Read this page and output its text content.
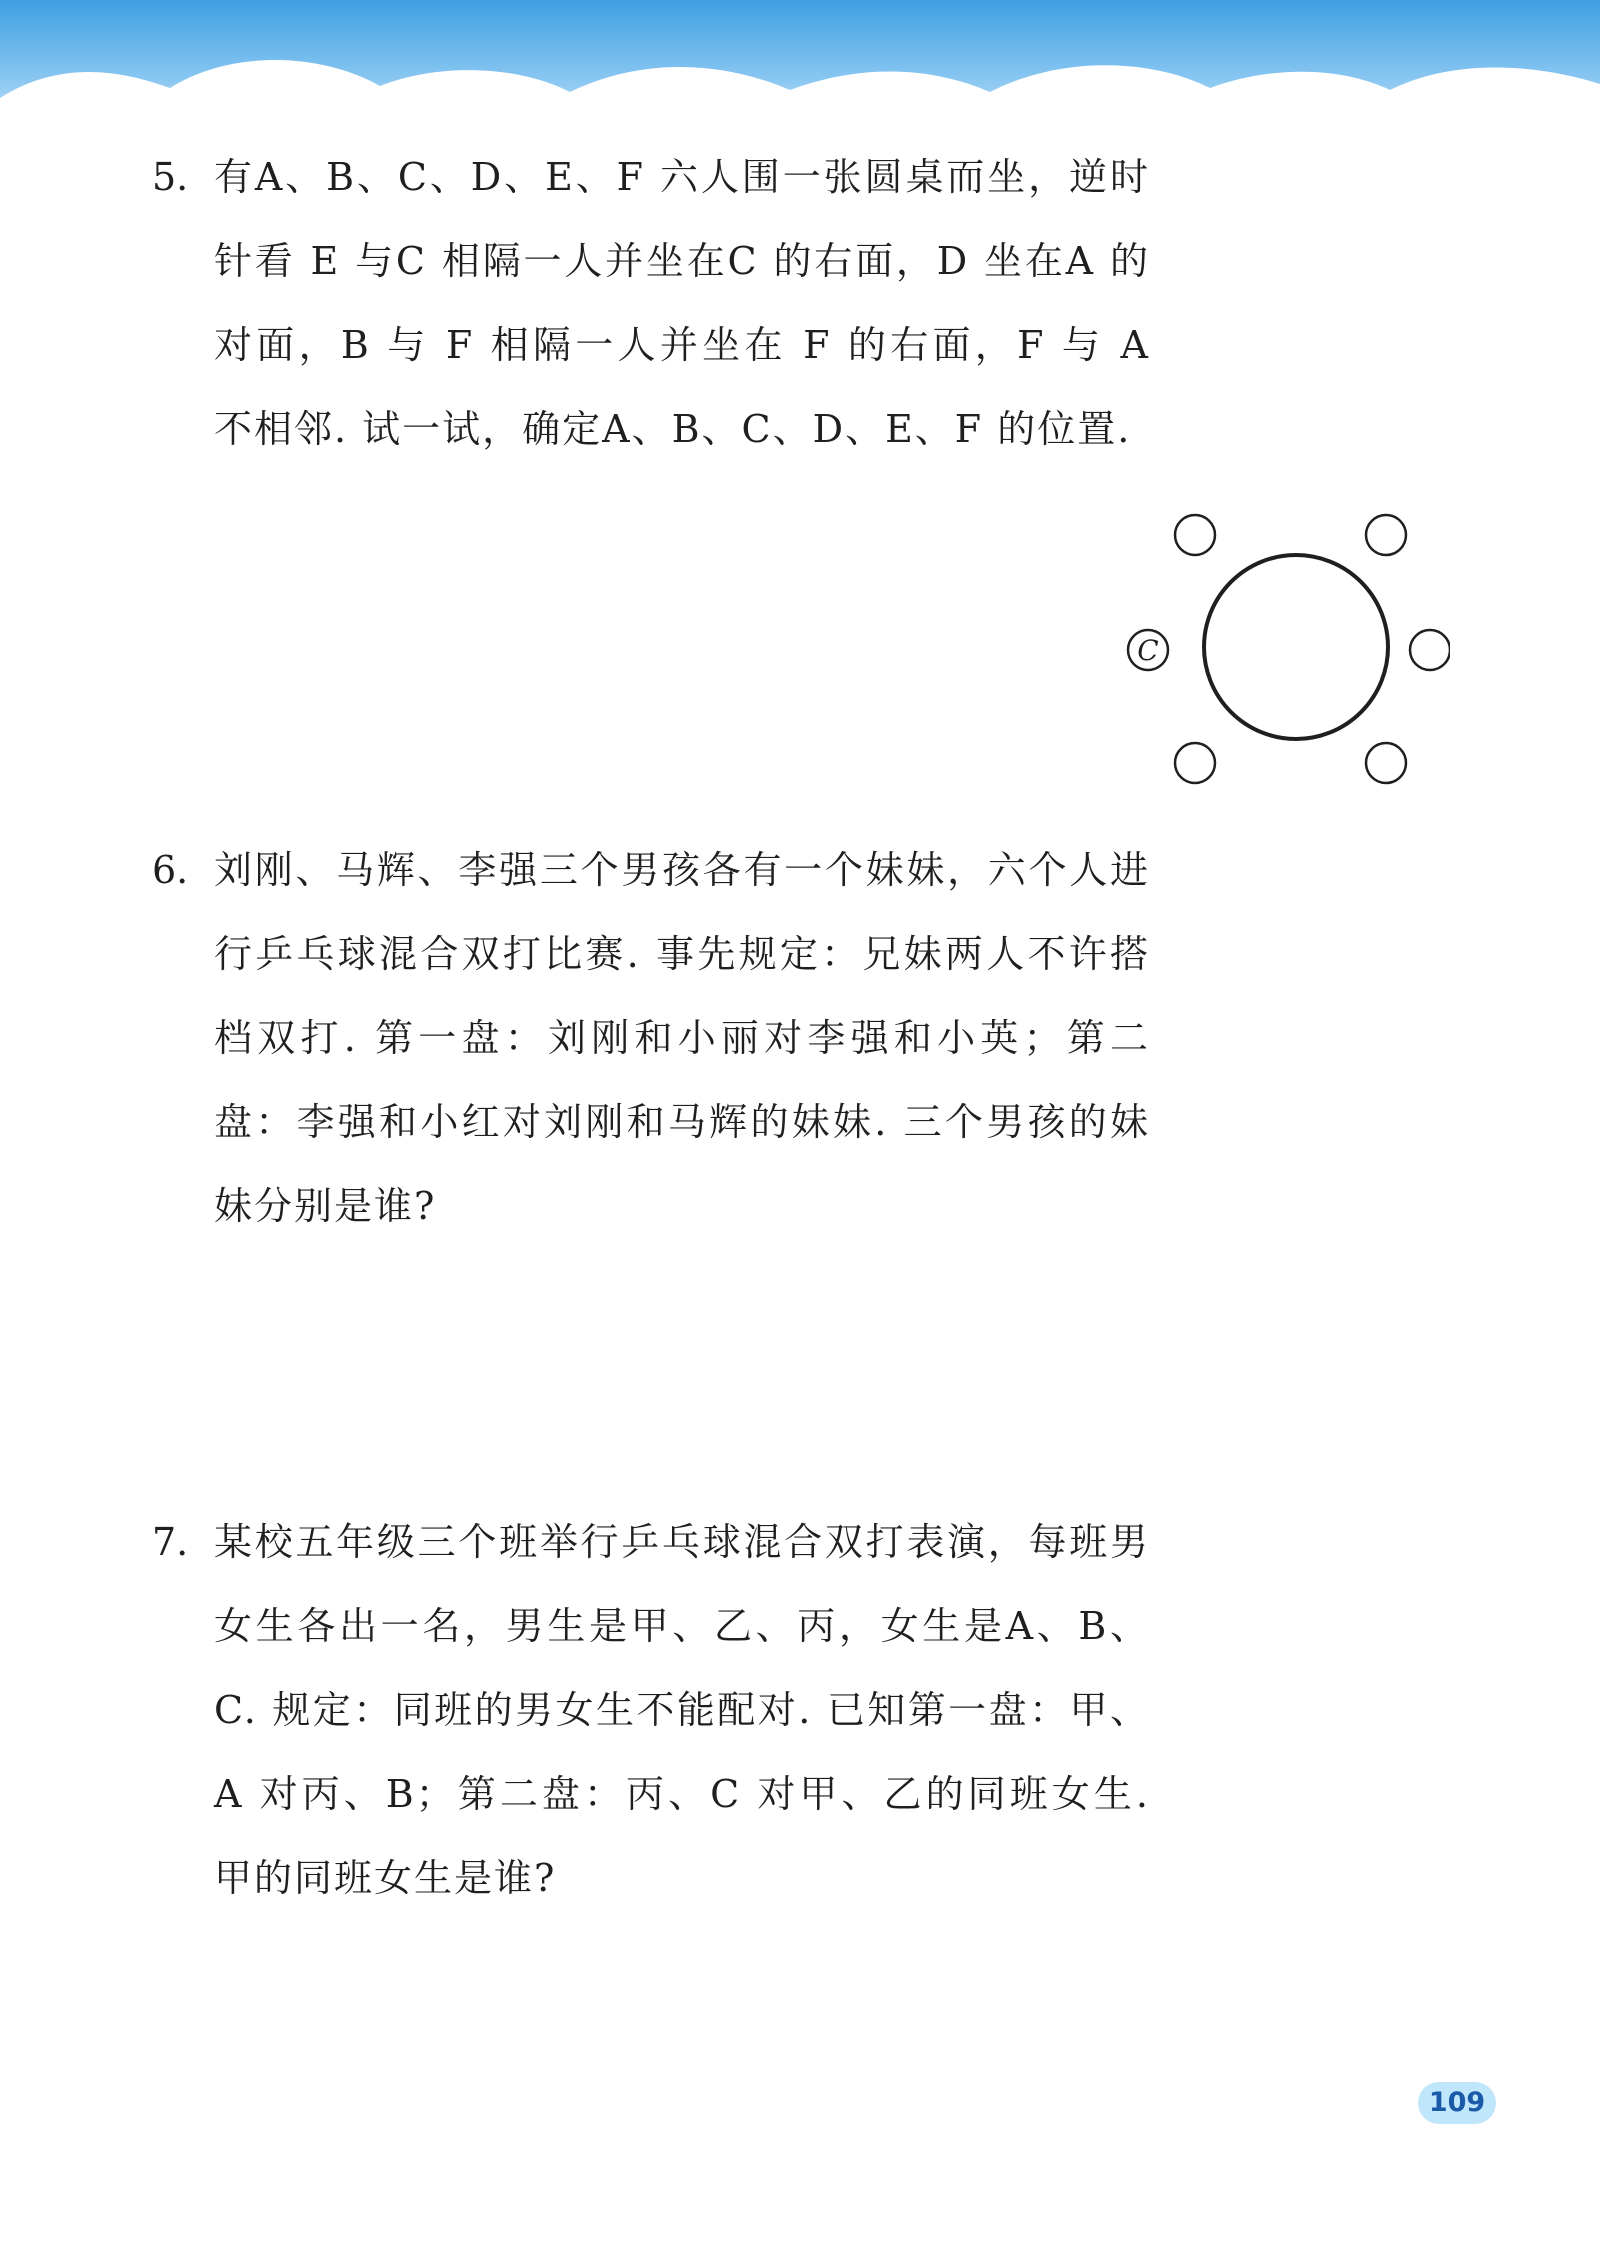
5. 有A、B、C、D、E、F 六人围一张圆桌而坐，逆时针看 E 与C 相隔一人并坐在C 的右面，D 坐在A 的对面，B 与 F 相隔一人并坐在 F 的右面，F 与 A 不相邻. 试一试，确定A、B、C、D、E、F 的位置.
C
6. 刘刚、马辉、李强三个男孩各有一个妹妹，六个人进行乒乓球混合双打比赛. 事先规定：兄妹两人不许搭档双打. 第一盘：刘刚和小丽对李强和小英；第二盘：李强和小红对刘刚和马辉的妹妹. 三个男孩的妹妹分别是谁?
7. 某校五年级三个班举行乒乓球混合双打表演，每班男女生各出一名，男生是甲、乙、丙，女生是A、B、C. 规定：同班的男女生不能配对. 已知第一盘：甲、A 对丙、B；第二盘：丙、C 对甲、乙的同班女生. 甲的同班女生是谁?
109
